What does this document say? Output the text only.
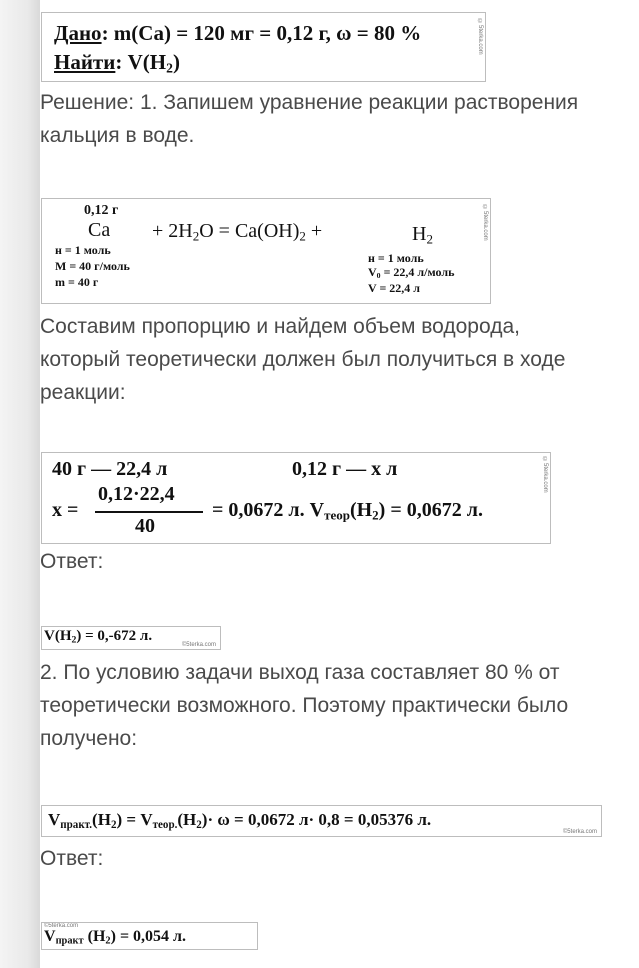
Дано: m(Ca) = 120 мг = 0,12 г, ω = 80 %
Найти: $V(H_2)$
©5terka.com
Решение: 1. Запишем уравнение реакции растворения
кальция в воде.
0,12 г
$Ca + 2H_2O = Ca(OH)_2$ +	$H_2$
н = 1 моль
M = 40 г/моль
m = 40 г
н = 1 моль
$V_0 = 22,4$ л/моль
V = 22,4 л
©5terka.com
Составим пропорцию и найдем объем водорода,
который теоретически должен был получиться в ходе
реакции:
40 г — 22,4 л	0,12 г — x л
x =
0,12·22,4
40
= 0,0672 л. $V_{теор}(H_2) = 0,0672$ л.
©5terka.com
Ответ:
$V(H_2) = 0,-672$ л.
©5terka.com
2. По условию задачи выход газа составляет 80 % от
теоретически возможного. Поэтому практически было
получено:
$V_{практ.}(H_2) = V_{теор.}(H_2)\cdot \omega = 0,0672$ л· 0,8 = 0,05376 л.
©5terka.com
Ответ:
©5terka.com
$V_{практ}$ $(H_2) = 0,054$ л.
